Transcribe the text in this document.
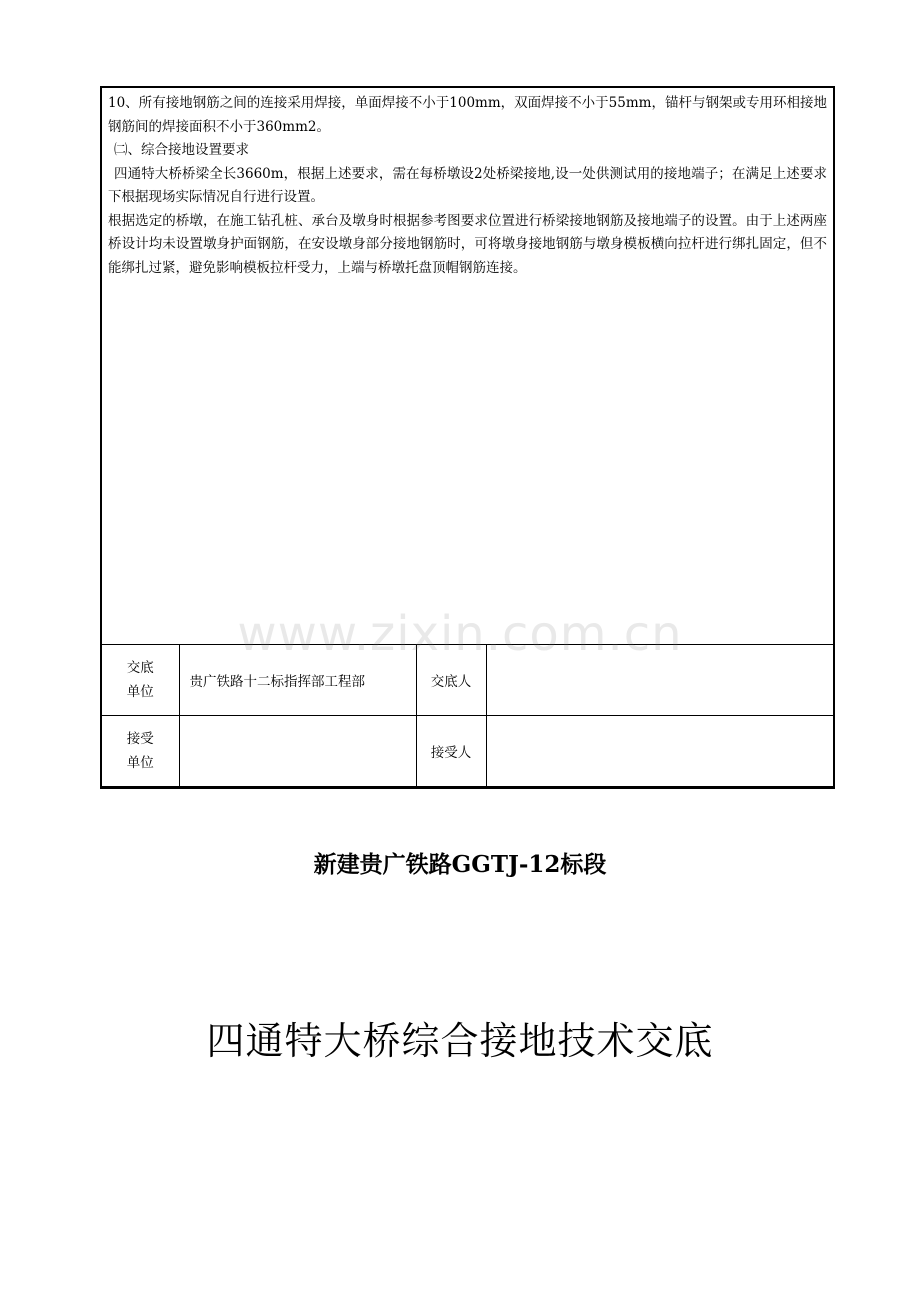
10、所有接地钢筋之间的连接采用焊接，单面焊接不小于100mm，双面焊接不小于55mm，锚杆与钢架或专用环相接地钢筋间的焊接面积不小于360mm2。

㈡、综合接地设置要求

四通特大桥桥梁全长3660m，根据上述要求，需在每桥墩设2处桥梁接地,设一处供测试用的接地端子；在满足上述要求下根据现场实际情况自行进行设置。

根据选定的桥墩，在施工钻孔桩、承台及墩身时根据参考图要求位置进行桥梁接地钢筋及接地端子的设置。由于上述两座桥设计均未设置墩身护面钢筋，在安设墩身部分接地钢筋时，可将墩身接地钢筋与墩身模板横向拉杆进行绑扎固定，但不能绑扎过紧，避免影响模板拉杆受力，上端与桥墩托盘顶帽钢筋连接。			

交底
单位	贵广铁路十二标指挥部工程部	交底人	

接受
单位		接受人	
www.zixin.com.cn
新建贵广铁路GGTJ-12标段
四通特大桥综合接地技术交底
